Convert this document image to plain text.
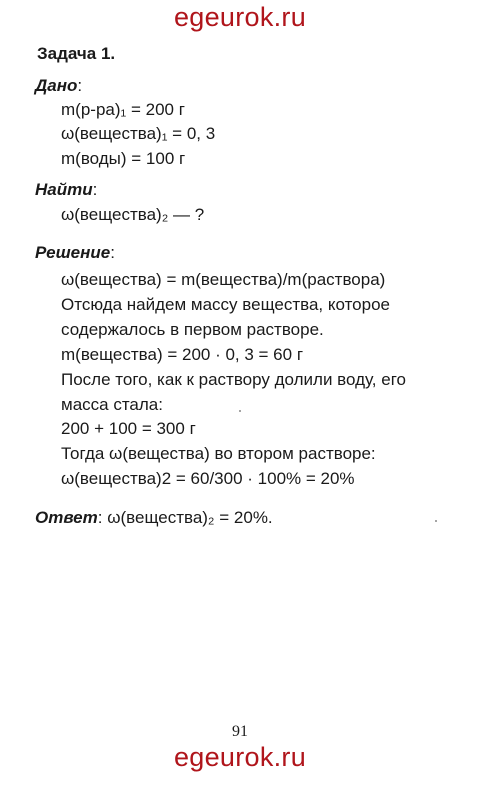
egeurok.ru
Задача 1.
Дано:
m(р-ра)₁ = 200 г
ω(вещества)₁ = 0, 3
m(воды) = 100 г
Найти:
ω(вещества)₂ — ?
Решение:
ω(вещества) = m(вещества)/m(раствора)
Отсюда найдем массу вещества, которое
содержалось в первом растворе.
m(вещества) = 200 · 0, 3 = 60 г
После того, как к раствору долили воду, его
масса стала:
200 + 100 = 300 г
Тогда ω(вещества) во втором растворе:
ω(вещества)2 = 60/300 · 100% = 20%
Ответ: ω(вещества)₂ = 20%.
91
egeurok.ru
